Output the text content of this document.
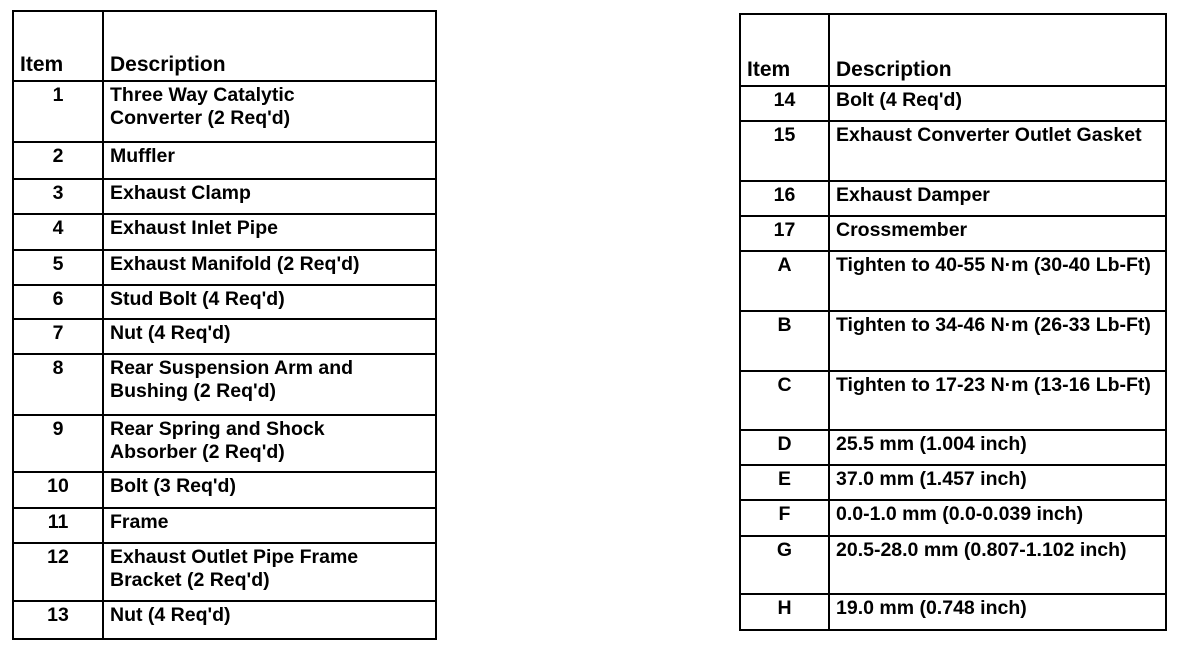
Item	Description
1	Three Way Catalytic Converter (2 Req'd)

2	Muffler
3	Exhaust Clamp
4	Exhaust Inlet Pipe
5	Exhaust Manifold (2 Req'd)
6	Stud Bolt (4 Req'd)
7	Nut (4 Req'd)
8	Rear Suspension Arm and Bushing (2 Req'd)
9	Rear Spring and Shock Absorber (2 Req'd)

10	Bolt (3 Req'd)
11	Frame
12	Exhaust Outlet Pipe Frame Bracket (2 Req'd)
13	Nut (4 Req'd)
Item	Description
14	Bolt (4 Req'd)
15	Exhaust Converter Outlet Gasket
16	Exhaust Damper
17	Crossmember
A	Tighten to 40-55 N·m (30-40 Lb-Ft)
B	Tighten to 34-46 N·m (26-33 Lb-Ft)
C	Tighten to 17-23 N·m (13-16 Lb-Ft)
D	25.5 mm (1.004 inch)
E	37.0 mm (1.457 inch)
F	0.0-1.0 mm (0.0-0.039 inch)
G	20.5-28.0 mm (0.807-1.102 inch)
H	19.0 mm (0.748 inch)
